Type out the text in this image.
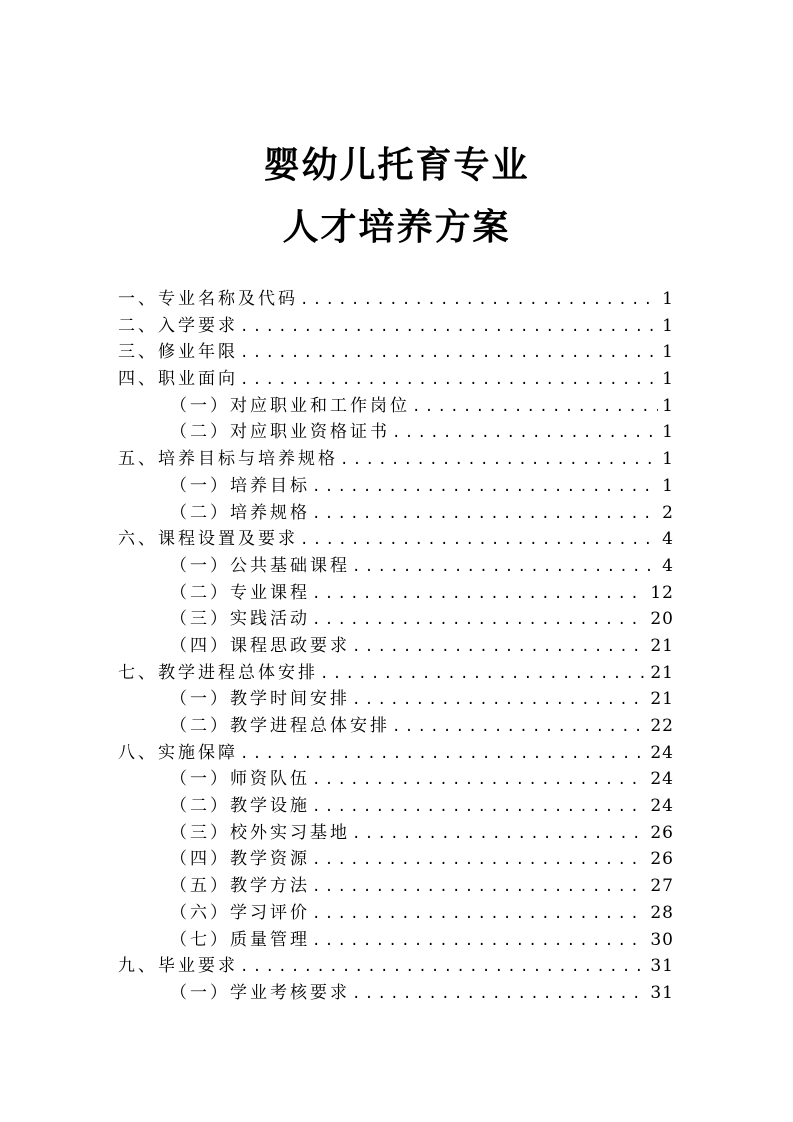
婴幼儿托育专业
人才培养方案
一、专业名称及代码 .....	1
二、入学要求 .....	1
三、修业年限 .....	1
四、职业面向 .....	1
（一）对应职业和工作岗位 .....	1
（二）对应职业资格证书 .....	1
五、培养目标与培养规格 .....	1
（一）培养目标 .....	1
（二）培养规格 .....	2
六、课程设置及要求 .....	4
（一）公共基础课程 .....	4
（二）专业课程 .....	12
（三）实践活动 .....	20
（四）课程思政要求 .....	21
七、教学进程总体安排 .....	21
（一）教学时间安排 .....	21
（二）教学进程总体安排 .....	22
八、实施保障 .....	24
（一）师资队伍 .....	24
（二）教学设施 .....	24
（三）校外实习基地 .....	26
（四）教学资源 .....	26
（五）教学方法 .....	27
（六）学习评价 .....	28
（七）质量管理 .....	30
九、毕业要求 .....	31
（一）学业考核要求 .....	31
